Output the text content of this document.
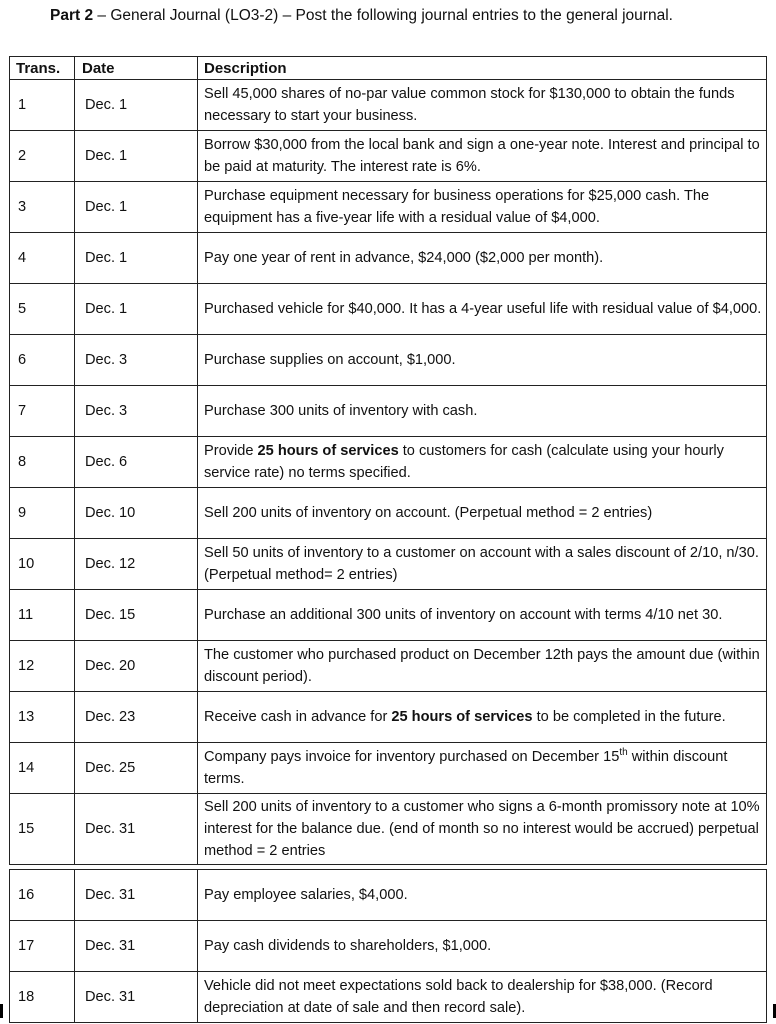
Part 2 – General Journal (LO3-2) – Post the following journal entries to the general journal.
Trans.	Date	Description
1	Dec. 1	Sell 45,000 shares of no-par value common stock for $130,000 to obtain the funds necessary to start your business.
2	Dec. 1	Borrow $30,000 from the local bank and sign a one-year note. Interest and principal to be paid at maturity. The interest rate is 6%.
3	Dec. 1	Purchase equipment necessary for business operations for $25,000 cash. The equipment has a five-year life with a residual value of $4,000.
4	Dec. 1	Pay one year of rent in advance, $24,000 ($2,000 per month).
5	Dec. 1	Purchased vehicle for $40,000. It has a 4-year useful life with residual value of $4,000.
6	Dec. 3	Purchase supplies on account, $1,000.
7	Dec. 3	Purchase 300 units of inventory with cash.
8	Dec. 6	Provide 25 hours of services to customers for cash (calculate using your hourly service rate) no terms specified.
9	Dec. 10	Sell 200 units of inventory on account. (Perpetual method = 2 entries)
10	Dec. 12	Sell 50 units of inventory to a customer on account with a sales discount of 2/10, n/30. (Perpetual method= 2 entries)
11	Dec. 15	Purchase an additional 300 units of inventory on account with terms 4/10 net 30.
12	Dec. 20	The customer who purchased product on December 12th pays the amount due (within discount period).
13	Dec. 23	Receive cash in advance for 25 hours of services to be completed in the future.
14	Dec. 25	Company pays invoice for inventory purchased on December 15th within discount terms.
15	Dec. 31	Sell 200 units of inventory to a customer who signs a 6-month promissory note at 10% interest for the balance due. (end of month so no interest would be accrued) perpetual method = 2 entries

16	Dec. 31	Pay employee salaries, $4,000.
17	Dec. 31	Pay cash dividends to shareholders, $1,000.
18	Dec. 31	Vehicle did not meet expectations sold back to dealership for $38,000. (Record depreciation at date of sale and then record sale).
